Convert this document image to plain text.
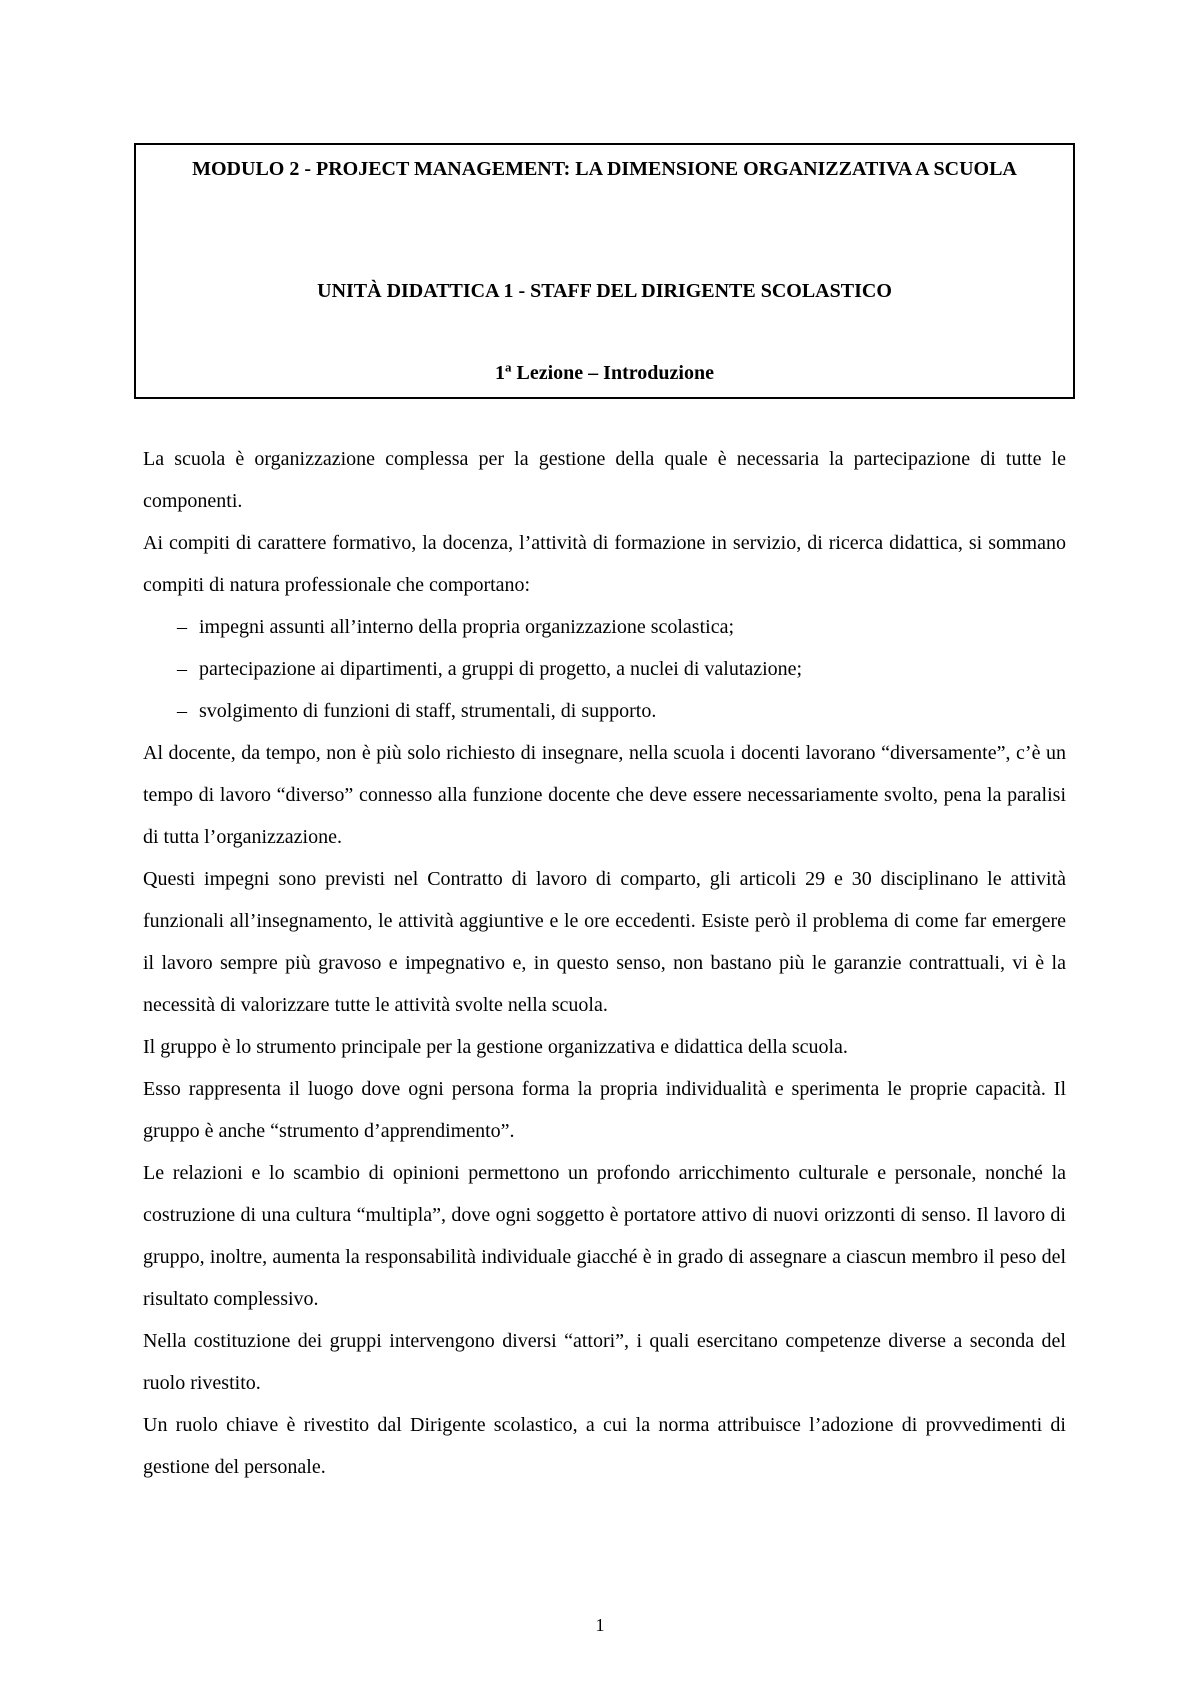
MODULO 2 - PROJECT MANAGEMENT: LA DIMENSIONE ORGANIZZATIVA A SCUOLA
UNITÀ DIDATTICA 1 - STAFF DEL DIRIGENTE SCOLASTICO
1$^a$ Lezione – Introduzione

La scuola è organizzazione complessa per la gestione della quale è necessaria la partecipazione di tutte le componenti.

Ai compiti di carattere formativo, la docenza, l’attività di formazione in servizio, di ricerca didattica, si sommano compiti di natura professionale che comportano:

– impegni assunti all’interno della propria organizzazione scolastica;
– partecipazione ai dipartimenti, a gruppi di progetto, a nuclei di valutazione;
– svolgimento di funzioni di staff, strumentali, di supporto.

Al docente, da tempo, non è più solo richiesto di insegnare, nella scuola i docenti lavorano “diversamente”, c’è un tempo di lavoro “diverso” connesso alla funzione docente che deve essere necessariamente svolto, pena la paralisi di tutta l’organizzazione.

Questi impegni sono previsti nel Contratto di lavoro di comparto, gli articoli 29 e 30 disciplinano le attività funzionali all’insegnamento, le attività aggiuntive e le ore eccedenti. Esiste però il problema di come far emergere il lavoro sempre più gravoso e impegnativo e, in questo senso, non bastano più le garanzie contrattuali, vi è la necessità di valorizzare tutte le attività svolte nella scuola.

Il gruppo è lo strumento principale per la gestione organizzativa e didattica della scuola.

Esso rappresenta il luogo dove ogni persona forma la propria individualità e sperimenta le proprie capacità. Il gruppo è anche “strumento d’apprendimento”.

Le relazioni e lo scambio di opinioni permettono un profondo arricchimento culturale e personale, nonché la costruzione di una cultura “multipla”, dove ogni soggetto è portatore attivo di nuovi orizzonti di senso. Il lavoro di gruppo, inoltre, aumenta la responsabilità individuale giacché è in grado di assegnare a ciascun membro il peso del risultato complessivo.

Nella costituzione dei gruppi intervengono diversi “attori”, i quali esercitano competenze diverse a seconda del ruolo rivestito.

Un ruolo chiave è rivestito dal Dirigente scolastico, a cui la norma attribuisce l’adozione di provvedimenti di gestione del personale.

1
